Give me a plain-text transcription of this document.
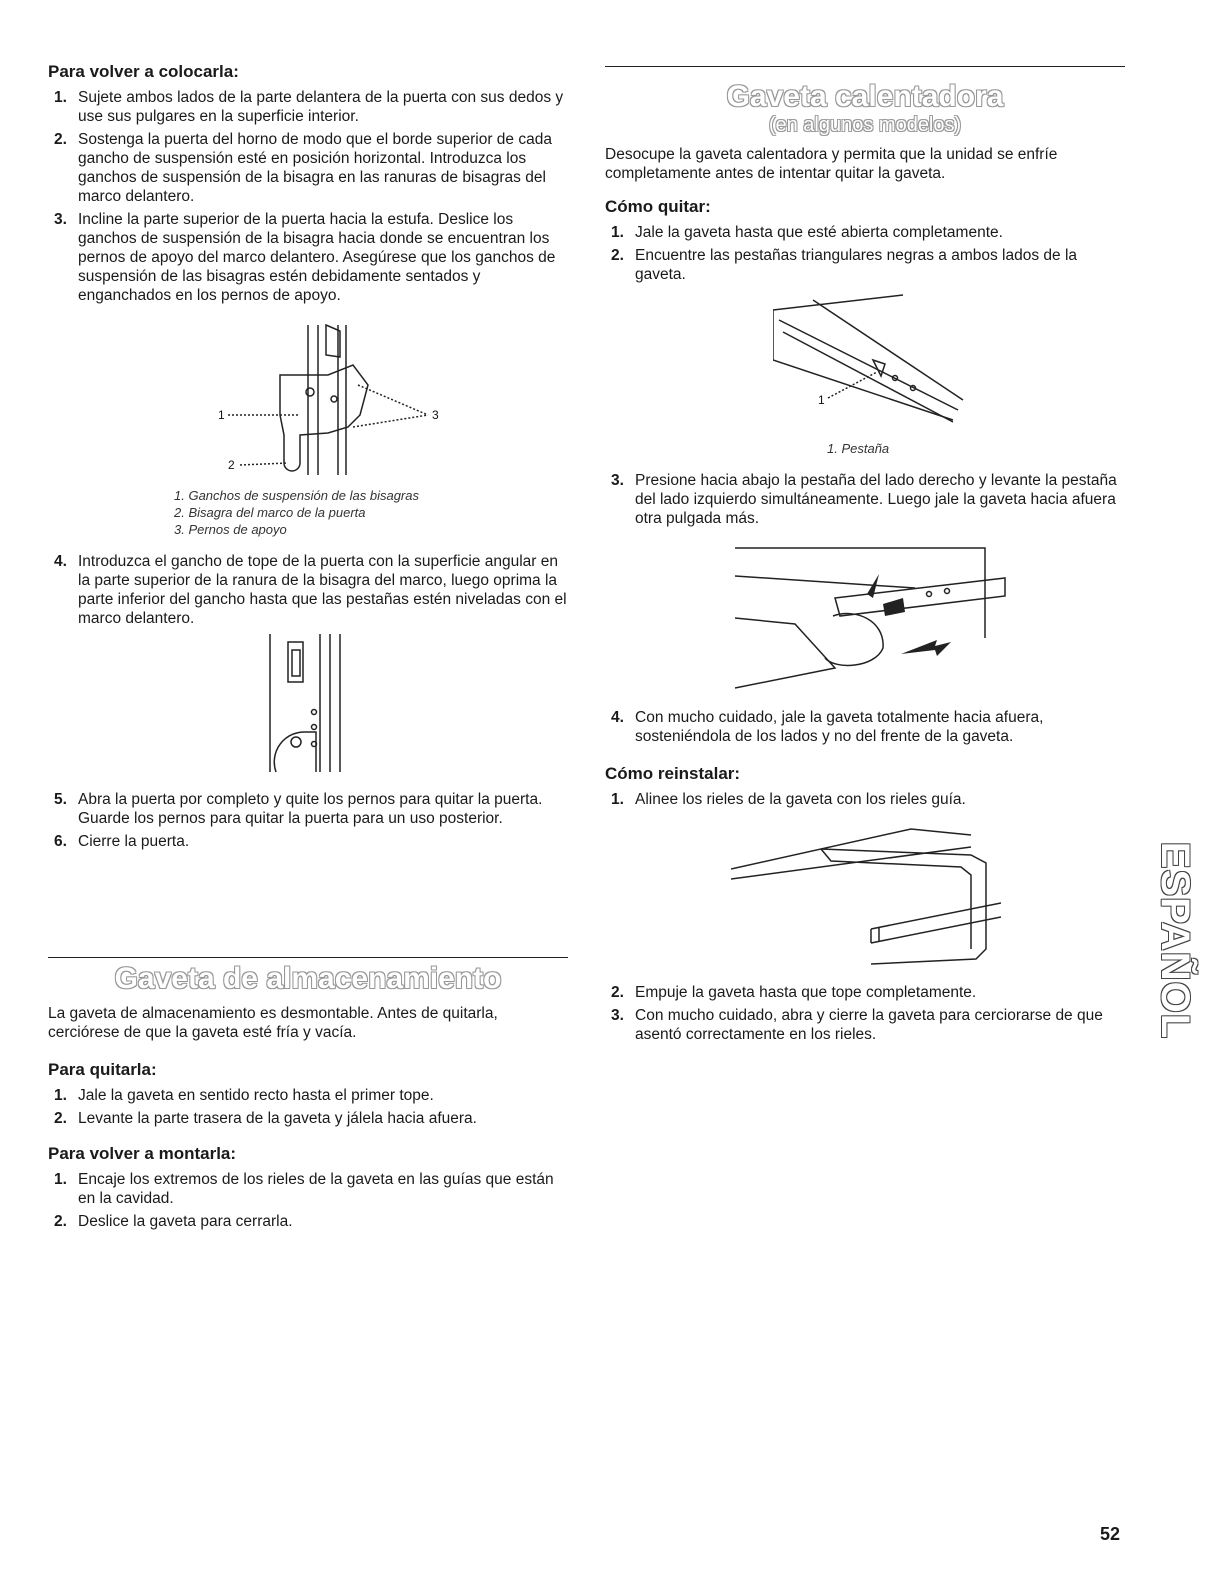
Para volver a colocarla:
1. Sujete ambos lados de la parte delantera de la puerta con sus dedos y use sus pulgares en la superficie interior.
2. Sostenga la puerta del horno de modo que el borde superior de cada gancho de suspensión esté en posición horizontal. Introduzca los ganchos de suspensión de la bisagra en las ranuras de bisagras del marco delantero.
3. Incline la parte superior de la puerta hacia la estufa. Deslice los ganchos de suspensión de la bisagra hacia donde se encuentran los pernos de apoyo del marco delantero. Asegúrese que los ganchos de suspensión de las bisagras estén debidamente sentados y enganchados en los pernos de apoyo.
1
2
3
1. Ganchos de suspensión de las bisagras
2. Bisagra del marco de la puerta
3. Pernos de apoyo
4. Introduzca el gancho de tope de la puerta con la superficie angular en la parte superior de la ranura de la bisagra del marco, luego oprima la parte inferior del gancho hasta que las pestañas estén niveladas con el marco delantero.
5. Abra la puerta por completo y quite los pernos para quitar la puerta. Guarde los pernos para quitar la puerta para un uso posterior.
6. Cierre la puerta.
Gaveta de almacenamiento

La gaveta de almacenamiento es desmontable. Antes de quitarla, cerciórese de que la gaveta esté fría y vacía.

Para quitarla:
1. Jale la gaveta en sentido recto hasta el primer tope.
2. Levante la parte trasera de la gaveta y jálela hacia afuera.
Para volver a montarla:
1. Encaje los extremos de los rieles de la gaveta en las guías que están en la cavidad.
2. Deslice la gaveta para cerrarla.
Gaveta calentadora
(en algunos modelos)

Desocupe la gaveta calentadora y permita que la unidad se enfríe completamente antes de intentar quitar la gaveta.

Cómo quitar:
1. Jale la gaveta hasta que esté abierta completamente.
2. Encuentre las pestañas triangulares negras a ambos lados de la gaveta.
1
1. Pestaña
3. Presione hacia abajo la pestaña del lado derecho y levante la pestaña del lado izquierdo simultáneamente. Luego jale la gaveta hacia afuera otra pulgada más.
4. Con mucho cuidado, jale la gaveta totalmente hacia afuera, sosteniéndola de los lados y no del frente de la gaveta.
Cómo reinstalar:
1. Alinee los rieles de la gaveta con los rieles guía.
2. Empuje la gaveta hasta que tope completamente.
3. Con mucho cuidado, abra y cierre la gaveta para cerciorarse de que asentó correctamente en los rieles.	ESPAÑOL
52
